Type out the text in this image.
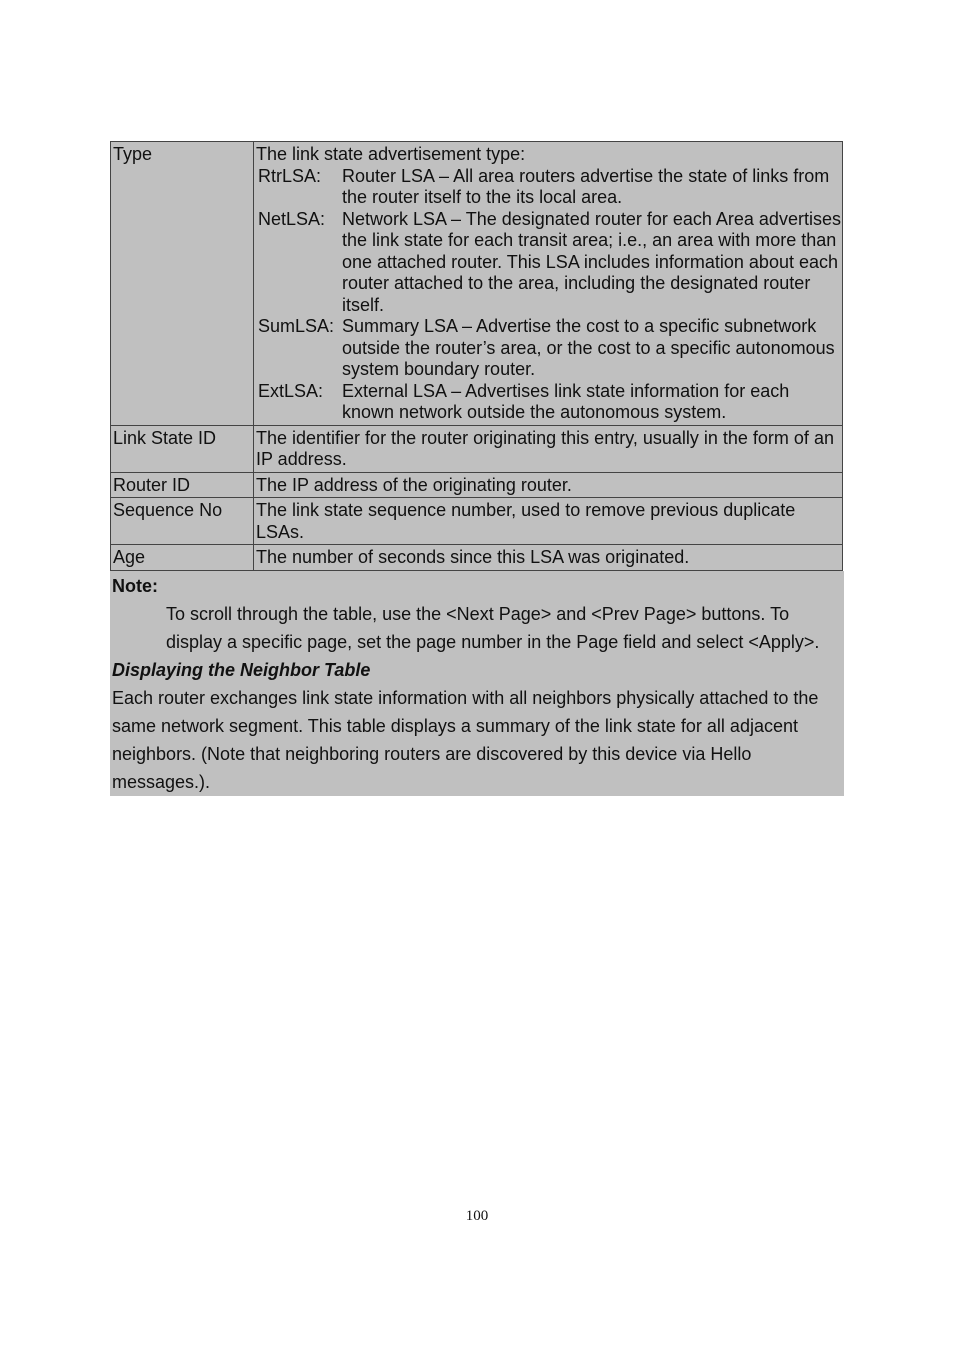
Type	The link state advertisement type:
RtrLSA:	Router LSA – All area routers advertise the state of links from the router itself to the its local area.
NetLSA:	Network LSA – The designated router for each Area advertises the link state for each transit area; i.e., an area with more than one attached router. This LSA includes information about each router attached to the area, including the designated router itself.
SumLSA:	Summary LSA – Advertise the cost to a specific subnetwork outside the router’s area, or the cost to a specific autonomous system boundary router.
ExtLSA:	External LSA – Advertises link state information for each known network outside the autonomous system.

Link State ID	The identifier for the router originating this entry, usually in the form of an IP address.
Router ID	The IP address of the originating router.
Sequence No	The link state sequence number, used to remove previous duplicate LSAs.
Age	The number of seconds since this LSA was originated.
Note:
To scroll through the table, use the <Next Page> and <Prev Page> buttons. To display a specific page, set the page number in the Page field and select <Apply>.
Displaying the Neighbor Table
Each router exchanges link state information with all neighbors physically attached to the same network segment. This table displays a summary of the link state for all adjacent neighbors. (Note that neighboring routers are discovered by this device via Hello messages.).
100
